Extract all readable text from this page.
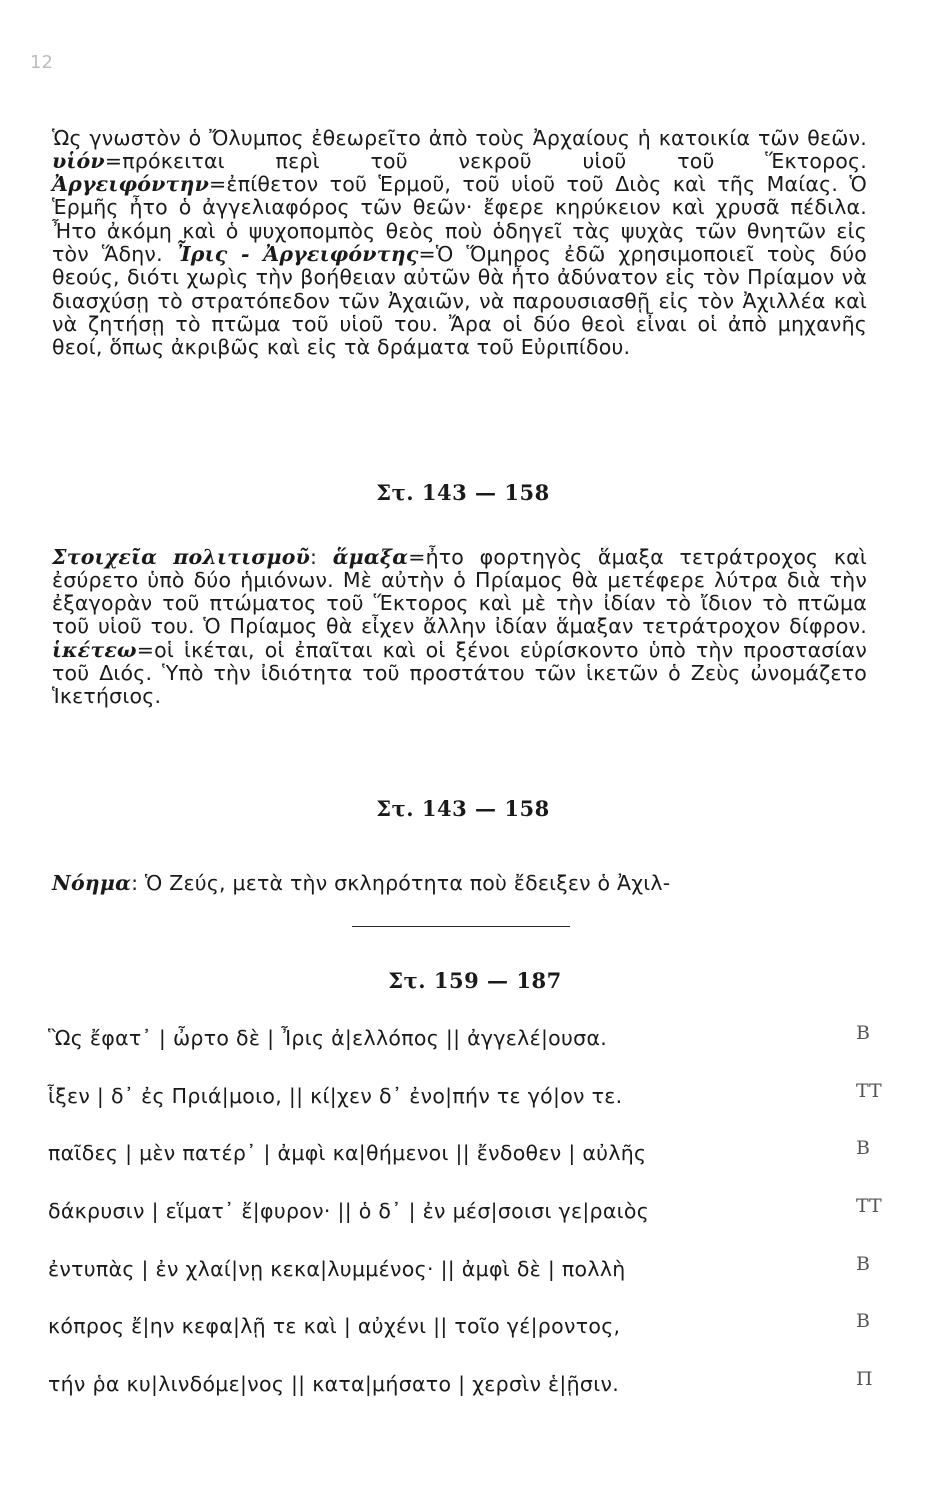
12

Ὡς γνωστὸν ὁ Ὄλυμπος ἐθεωρεῖτο ἀπὸ τοὺς Ἀρχαίους ἡ κατοικία τῶν θεῶν. υἱόν=πρόκειται περὶ τοῦ νεκροῦ υἱοῦ τοῦ Ἕκτορος. Ἀργειφόντην=ἐπίθετον τοῦ Ἑρμοῦ, τοῦ υἱοῦ τοῦ Διὸς καὶ τῆς Μαίας. Ὁ Ἑρμῆς ἦτο ὁ ἀγγελιαφόρος τῶν θεῶν· ἔφερε κηρύκειον καὶ χρυσᾶ πέδιλα. Ἦτο ἀκόμη καὶ ὁ ψυχοπομπὸς θεὸς ποὺ ὁδηγεῖ τὰς ψυχὰς τῶν θνητῶν εἰς τὸν Ἅδην. Ἶρις - Ἀργειφόντης=Ὁ Ὅμηρος ἐδῶ χρησιμοποιεῖ τοὺς δύο θεούς, διότι χωρὶς τὴν βοήθειαν αὐτῶν θὰ ἦτο ἀδύνατον εἰς τὸν Πρίαμον νὰ διασχύσῃ τὸ στρατόπεδον τῶν Ἀχαιῶν, νὰ παρουσιασθῇ εἰς τὸν Ἀχιλλέα καὶ νὰ ζητήσῃ τὸ πτῶμα τοῦ υἱοῦ του. Ἄρα οἱ δύο θεοὶ εἶναι οἱ ἀπὸ μηχανῆς θεοί, ὅπως ἀκριβῶς καὶ εἰς τὰ δράματα τοῦ Εὐριπίδου.

Στ. 143 — 158

Στοιχεῖα πολιτισμοῦ: ἅμαξα=ἦτο φορτηγὸς ἅμαξα τετράτροχος καὶ ἐσύρετο ὑπὸ δύο ἡμιόνων. Μὲ αὐτὴν ὁ Πρίαμος θὰ μετέφερε λύτρα διὰ τὴν ἐξαγορὰν τοῦ πτώματος τοῦ Ἕκτορος καὶ μὲ τὴν ἰδίαν τὸ ἴδιον τὸ πτῶμα τοῦ υἱοῦ του. Ὁ Πρίαμος θὰ εἶχεν ἄλλην ἰδίαν ἅμαξαν τετράτροχον δίφρον. ἱκέτεω=οἱ ἱκέται, οἱ ἐπαῖται καὶ οἱ ξένοι εὑρίσκοντο ὑπὸ τὴν προστασίαν τοῦ Διός. Ὑπὸ τὴν ἰδιότητα τοῦ προστάτου τῶν ἱκετῶν ὁ Ζεὺς ὠνομάζετο Ἱκετήσιος.

Στ. 143 — 158

Νόημα: Ὁ Ζεύς, μετὰ τὴν σκληρότητα ποὺ ἔδειξεν ὁ Ἀχιλ-

Στ. 159 — 187
Ὣς ἔφατ᾿ | ὦρτο δὲ | Ἶρις ἀ|ελλόπος || ἀγγελέ|ουσα.	Β
ἷξεν | δ᾿ ἐς Πριά|μοιο, || κί|χεν δ᾿ ἐνο|πήν τε γό|ον τε.	ΤΤ
παῖδες | μὲν πατέρ᾿ | ἀμφὶ κα|θήμενοι || ἔνδοθεν | αὐλῆς	Β
δάκρυσιν | εἵματ᾿ ἔ|φυρον· || ὁ δ᾿ | ἐν μέσ|σοισι γε|ραιὸς	ΤΤ
ἐντυπὰς | ἐν χλαί|νῃ κεκα|λυμμένος· || ἀμφὶ δὲ | πολλὴ	Β
κόπρος ἔ|ην κεφα|λῇ τε καὶ | αὐχένι || τοῖο γέ|ροντος,	Β
τήν ῥα κυ|λινδόμε|νος || κατα|μήσατο | χερσὶν ἑ|ῇσιν.	Π
